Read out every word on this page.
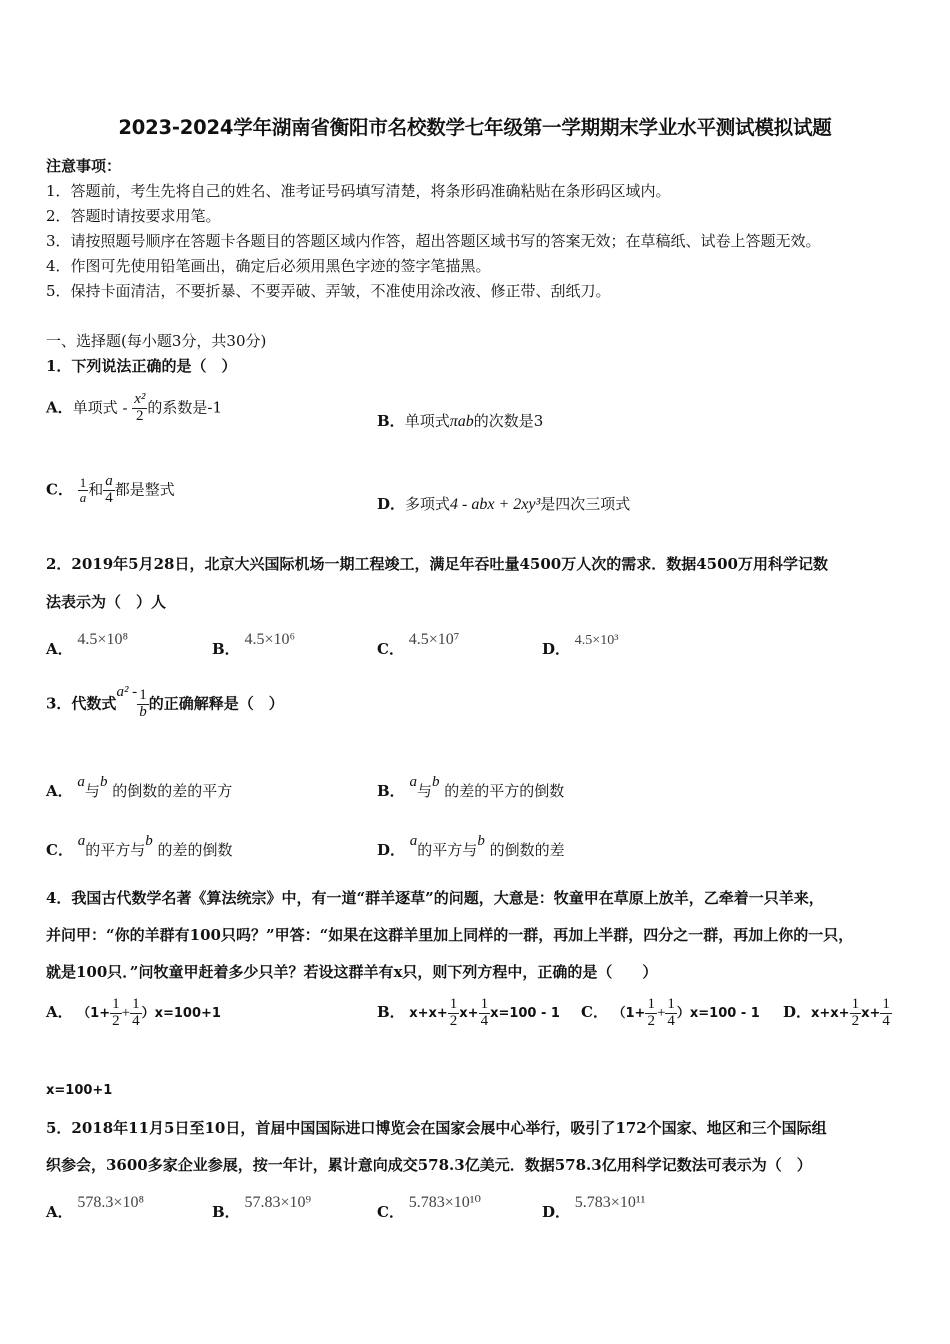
2023-2024学年湖南省衡阳市名校数学七年级第一学期期末学业水平测试模拟试题
注意事项：
1．答题前，考生先将自己的姓名、准考证号码填写清楚，将条形码准确粘贴在条形码区域内。
2．答题时请按要求用笔。
3．请按照题号顺序在答题卡各题目的答题区域内作答，超出答题区域书写的答案无效；在草稿纸、试卷上答题无效。
4．作图可先使用铅笔画出，确定后必须用黑色字迹的签字笔描黑。
5．保持卡面清洁，不要折暴、不要弄破、弄皱，不准使用涂改液、修正带、刮纸刀。
一、选择题(每小题3分，共30分)
1．下列说法正确的是（　）
A．单项式 - $\frac{\text{x²}}{2}$ 的系数是-1
B．单项式πab的次数是3
C． $\frac{1}{a}$ 和 $\frac{a}{4}$ 都是整式
D．多项式4 - abx + 2xy³是四次三项式
2．2019年5月28日，北京大兴国际机场一期工程竣工，满足年吞吐量4500万人次的需求．数据4500万用科学记数
法表示为（　）人
A． 4.5×10⁸
B． 4.5×10⁶
C． 4.5×10⁷
D． 4.5×10³
3．代数式$a^2 - \frac{1}{b}$ 的正确解释是（　）
A． a与b 的倒数的差的平方	B． a与b 的差的平方的倒数
C． a的平方与b 的差的倒数	D． a的平方与b 的倒数的差
4．我国古代数学名著《算法统宗》中，有一道“群羊逐草”的问题，大意是：牧童甲在草原上放羊，乙牵着一只羊来，
并问甲：“你的羊群有100只吗？”甲答：“如果在这群羊里加上同样的一群，再加上半群，四分之一群，再加上你的一只，
就是100只．”问牧童甲赶着多少只羊？若设这群羊有x只，则下列方程中，正确的是（　　）
A． $(1+ \frac{1}{2} + \frac{1}{4} )x=100+1$	B． $x+x+ \frac{1}{2} x+ \frac{1}{4} x=100 - 1$ C． $(1+ \frac{1}{2} + \frac{1}{4} )x=100 - 1$ D．$x+x+ \frac{1}{2} x+ \frac{1}{4}$
x=100+1
5．2018年11月5日至10日，首届中国国际进口博览会在国家会展中心举行，吸引了172个国家、地区和三个国际组
织参会，3600多家企业参展，按一年计，累计意向成交578.3亿美元．数据578.3亿用科学记数法可表示为（　）
A． 578.3×10⁸
B． 57.83×10⁹
C． 5.783×10¹⁰
D． 5.783×10¹¹
